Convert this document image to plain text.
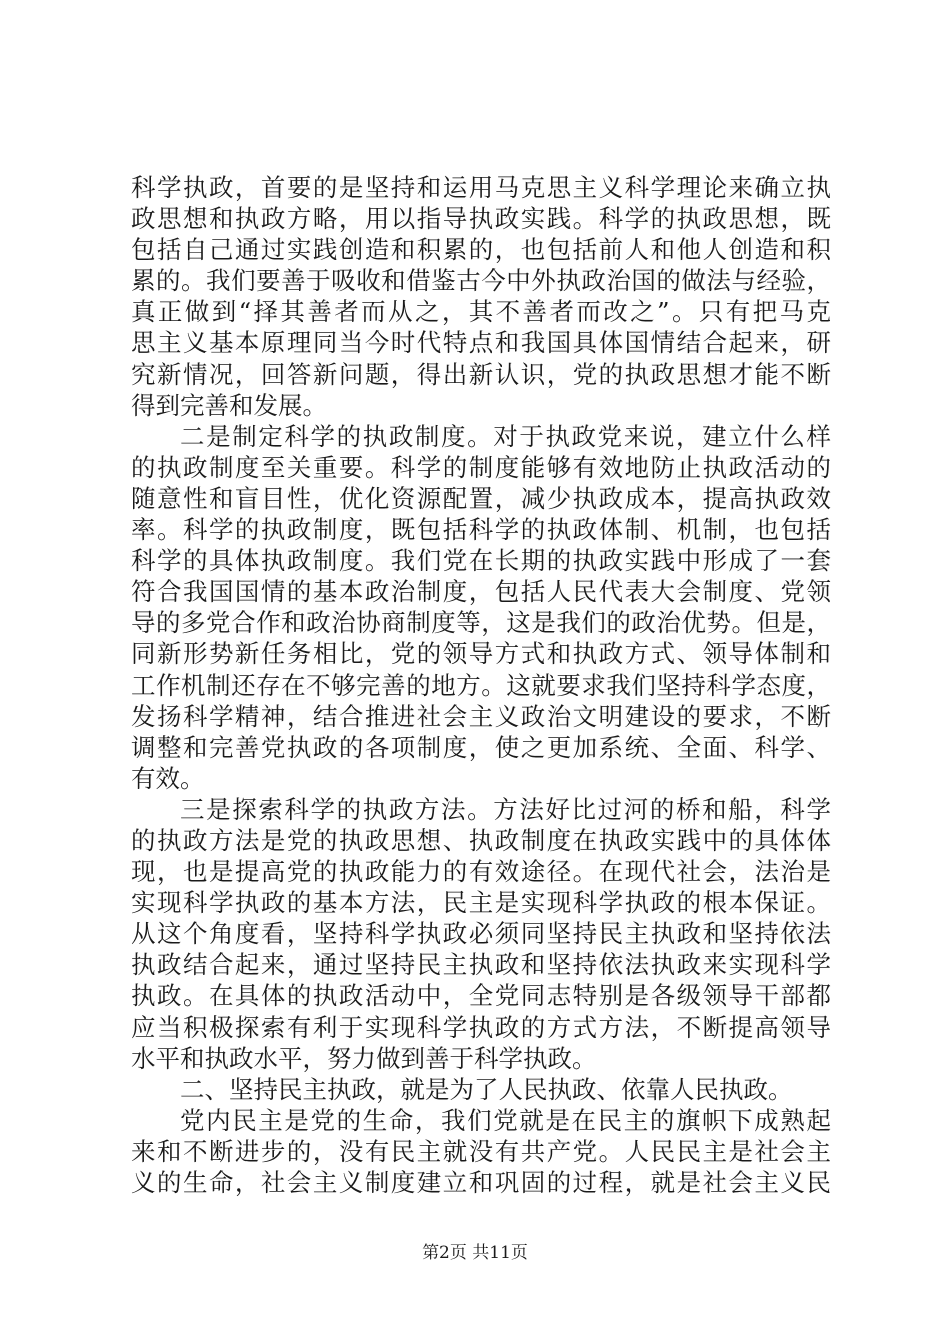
科学执政，首要的是坚持和运用马克思主义科学理论来确立执
政思想和执政方略，用以指导执政实践。科学的执政思想，既
包括自己通过实践创造和积累的，也包括前人和他人创造和积
累的。我们要善于吸收和借鉴古今中外执政治国的做法与经验，
真正做到“择其善者而从之，其不善者而改之”。只有把马克
思主义基本原理同当今时代特点和我国具体国情结合起来，研
究新情况，回答新问题，得出新认识，党的执政思想才能不断
得到完善和发展。
二是制定科学的执政制度。对于执政党来说，建立什么样
的执政制度至关重要。科学的制度能够有效地防止执政活动的
随意性和盲目性，优化资源配置，减少执政成本，提高执政效
率。科学的执政制度，既包括科学的执政体制、机制，也包括
科学的具体执政制度。我们党在长期的执政实践中形成了一套
符合我国国情的基本政治制度，包括人民代表大会制度、党领
导的多党合作和政治协商制度等，这是我们的政治优势。但是，
同新形势新任务相比，党的领导方式和执政方式、领导体制和
工作机制还存在不够完善的地方。这就要求我们坚持科学态度，
发扬科学精神，结合推进社会主义政治文明建设的要求，不断
调整和完善党执政的各项制度，使之更加系统、全面、科学、
有效。
三是探索科学的执政方法。方法好比过河的桥和船，科学
的执政方法是党的执政思想、执政制度在执政实践中的具体体
现，也是提高党的执政能力的有效途径。在现代社会，法治是
实现科学执政的基本方法，民主是实现科学执政的根本保证。
从这个角度看，坚持科学执政必须同坚持民主执政和坚持依法
执政结合起来，通过坚持民主执政和坚持依法执政来实现科学
执政。在具体的执政活动中，全党同志特别是各级领导干部都
应当积极探索有利于实现科学执政的方式方法，不断提高领导
水平和执政水平，努力做到善于科学执政。
二、坚持民主执政，就是为了人民执政、依靠人民执政。
党内民主是党的生命，我们党就是在民主的旗帜下成熟起
来和不断进步的，没有民主就没有共产党。人民民主是社会主
义的生命，社会主义制度建立和巩固的过程，就是社会主义民
第2页 共11页
